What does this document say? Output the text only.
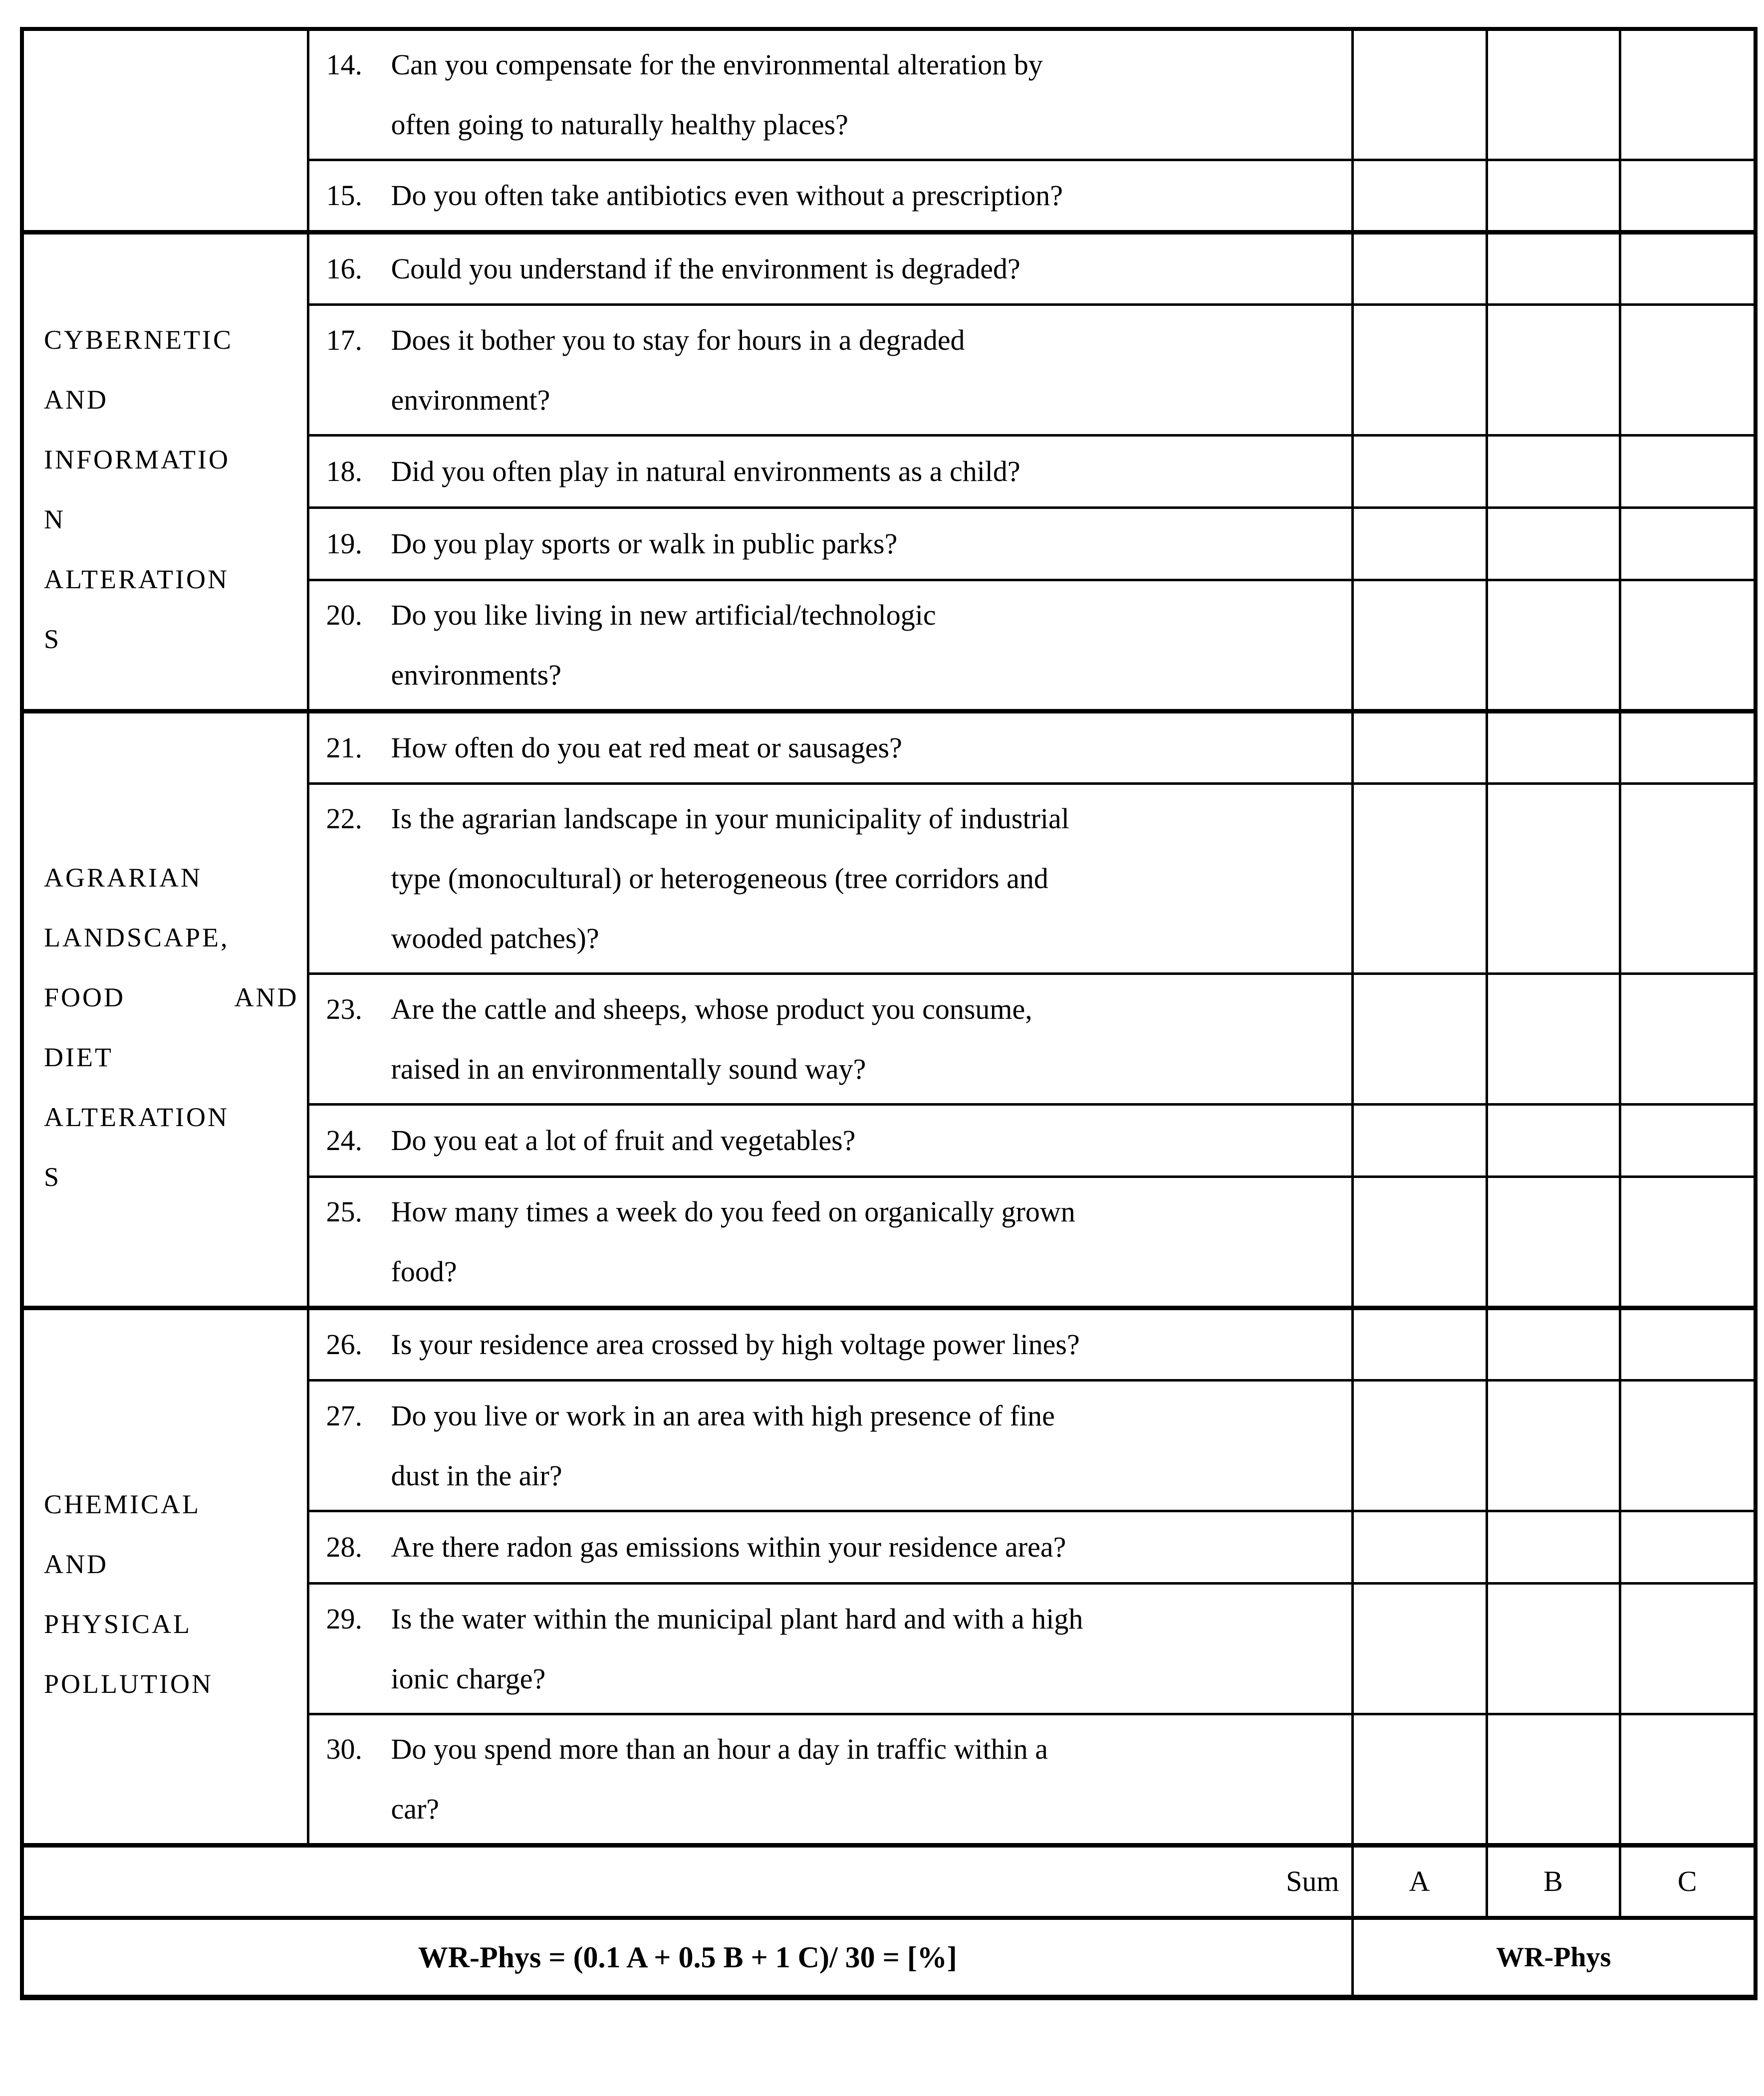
	14. Can you compensate for the environmental alteration by
often going to naturally healthy places?			

	15. Do you often take antibiotics even without a prescription?			

CYBERNETIC
AND
INFORMATIO
N
ALTERATION
S

16. Could you understand if the environment is degraded?

	17. Does it bother you to stay for hours in a degraded
environment?			

	18. Did you often play in natural environments as a child?			

	19. Do you play sports or walk in public parks?			

	20. Do you like living in new artificial/technologic
environments?			

AGRARIAN
LANDSCAPE,
FOOD AND
DIET
ALTERATION
S

21. How often do you eat red meat or sausages?

	22. Is the agrarian landscape in your municipality of industrial
type (monocultural) or heterogeneous (tree corridors and
wooded patches)?			

	23. Are the cattle and sheeps, whose product you consume,
raised in an environmentally sound way?			

	24. Do you eat a lot of fruit and vegetables?			

	25. How many times a week do you feed on organically grown
food?			

CHEMICAL
AND
PHYSICAL
POLLUTION

26. Is your residence area crossed by high voltage power lines?

	27. Do you live or work in an area with high presence of fine
dust in the air?			

	28. Are there radon gas emissions within your residence area?			

	29. Is the water within the municipal plant hard and with a high
ionic charge?			

	30. Do you spend more than an hour a day in traffic within a
car?			

Sum		A	B	C
WR-Phys = (0.1 A + 0.5 B + 1 C)/ 30 = [%]		WR-Phys		
